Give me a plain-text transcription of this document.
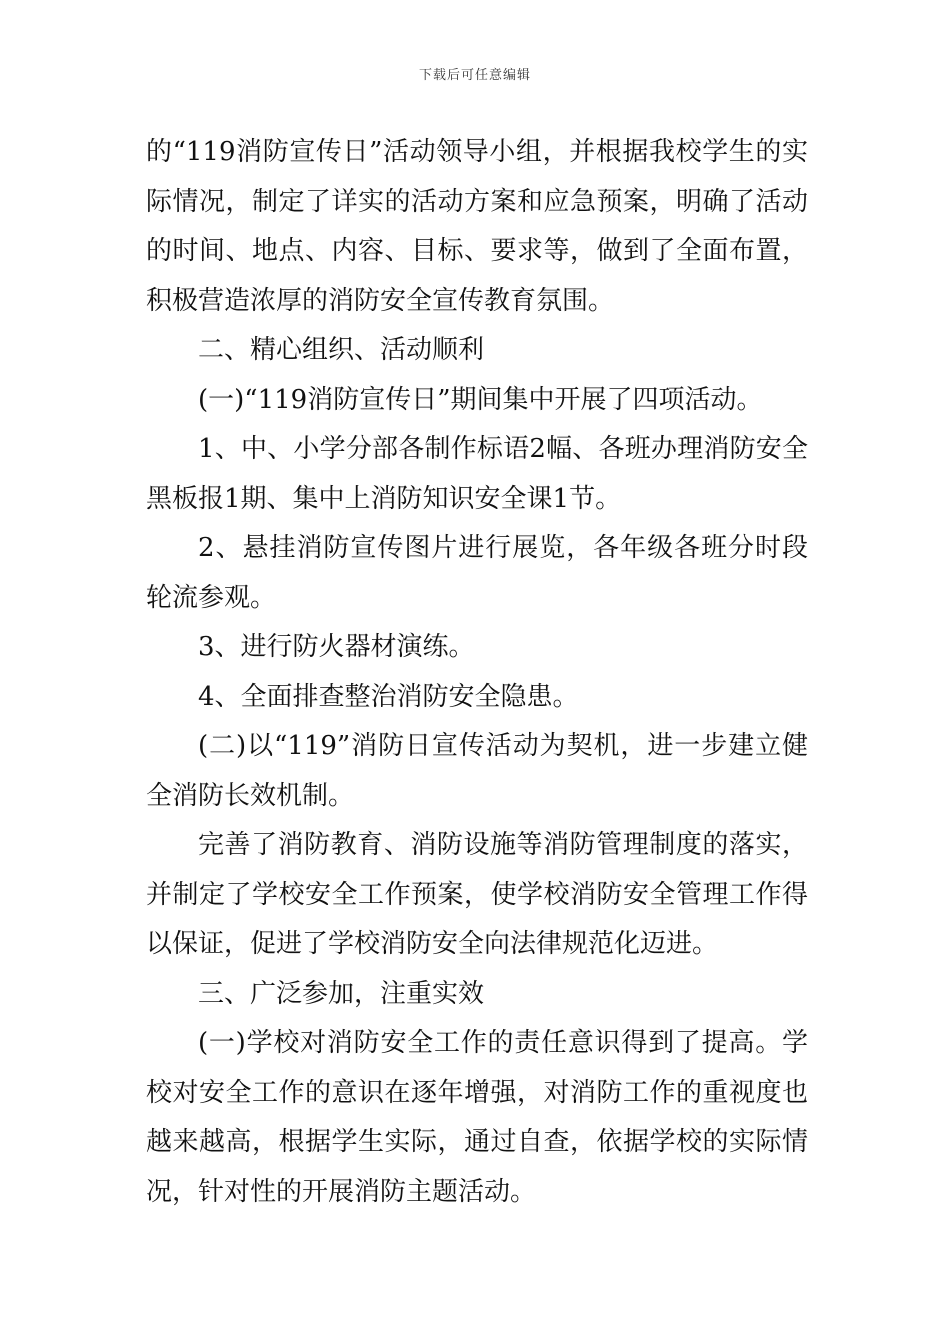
下载后可任意编辑

的“119消防宣传日”活动领导小组，并根据我校学生的实际情况，制定了详实的活动方案和应急预案，明确了活动的时间、地点、内容、目标、要求等，做到了全面布置，积极营造浓厚的消防安全宣传教育氛围。

二、精心组织、活动顺利

(一)“119消防宣传日”期间集中开展了四项活动。

1、中、小学分部各制作标语2幅、各班办理消防安全黑板报1期、集中上消防知识安全课1节。

2、悬挂消防宣传图片进行展览，各年级各班分时段轮流参观。

3、进行防火器材演练。

4、全面排查整治消防安全隐患。

(二)以“119”消防日宣传活动为契机，进一步建立健全消防长效机制。

完善了消防教育、消防设施等消防管理制度的落实，并制定了学校安全工作预案，使学校消防安全管理工作得以保证，促进了学校消防安全向法律规范化迈进。

三、广泛参加，注重实效

(一)学校对消防安全工作的责任意识得到了提高。学校对安全工作的意识在逐年增强，对消防工作的重视度也越来越高，根据学生实际，通过自查，依据学校的实际情况，针对性的开展消防主题活动。
